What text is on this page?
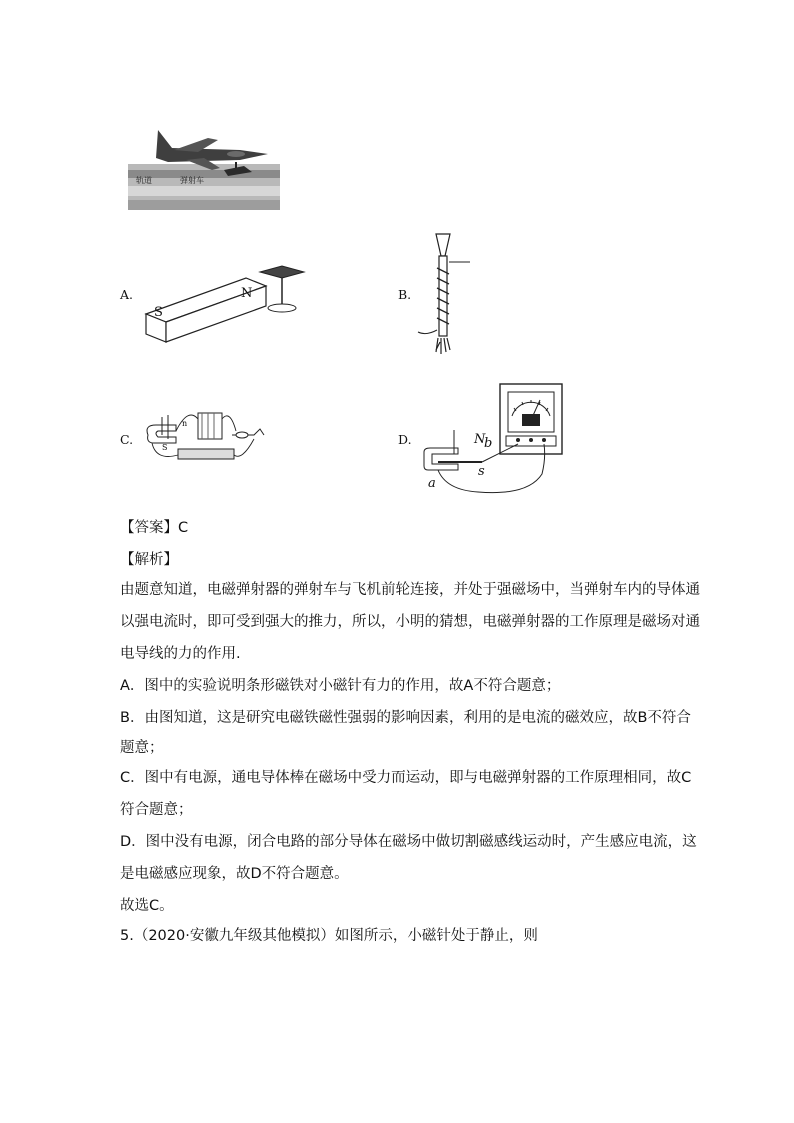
轨道	弹射车
A.
S
N	B.
C.
n
S
D.	N
b
s
a
【答案】C
【解析】
由题意知道，电磁弹射器的弹射车与飞机前轮连接，并处于强磁场中，当弹射车内的导体通
以强电流时，即可受到强大的推力，所以，小明的猜想，电磁弹射器的工作原理是磁场对通
电导线的力的作用.
A．图中的实验说明条形磁铁对小磁针有力的作用，故A不符合题意；
B．由图知道，这是研究电磁铁磁性强弱的影响因素，利用的是电流的磁效应，故B不符合
题意；
C．图中有电源，通电导体棒在磁场中受力而运动，即与电磁弹射器的工作原理相同，故C
符合题意；
D．图中没有电源，闭合电路的部分导体在磁场中做切割磁感线运动时，产生感应电流，这
是电磁感应现象，故D不符合题意。
故选C。
5.（2020·安徽九年级其他模拟）如图所示，小磁针处于静止，则
